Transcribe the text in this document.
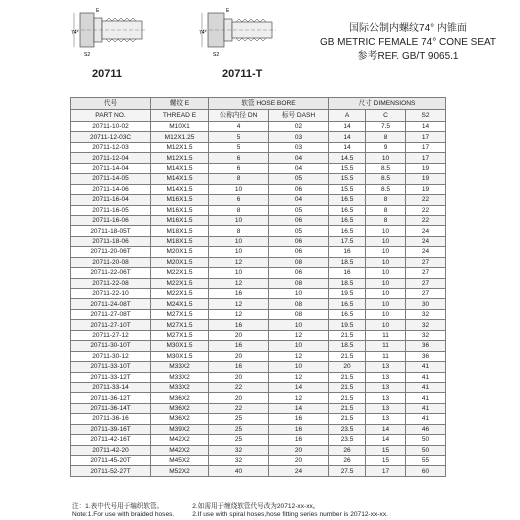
74°
S2
E
20711
74°
S2
E
20711-T
国际公制内螺纹74° 内锥面
GB METRIC FEMALE 74° CONE SEAT
参考REF. GB/T 9065.1
代号	螺纹 E	软管 HOSE BORE		尺寸 DIMENSIONS		
PART NO.	THREAD E	公称内径 DN	标号 DASH	A	C	S2
20711-10-02	M10X1	4	02	14	7.5	14
20711-12-03C	M12X1.25	5	03	14	8	17
20711-12-03	M12X1.5	5	03	14	9	17
20711-12-04	M12X1.5	6	04	14.5	10	17
20711-14-04	M14X1.5	6	04	15.5	8.5	19
20711-14-05	M14X1.5	8	05	15.5	8.5	19
20711-14-06	M14X1.5	10	06	15.5	8.5	19
20711-16-04	M16X1.5	6	04	16.5	8	22
20711-16-05	M16X1.5	8	05	16.5	8	22
20711-16-06	M16X1.5	10	06	16.5	8	22
20711-18-05T	M18X1.5	8	05	16.5	10	24
20711-18-06	M18X1.5	10	06	17.5	10	24
20711-20-06T	M20X1.5	10	06	16	10	24
20711-20-08	M20X1.5	12	08	18.5	10	27
20711-22-06T	M22X1.5	10	06	16	10	27
20711-22-08	M22X1.5	12	08	18.5	10	27
20711-22-10	M22X1.5	16	10	19.5	10	27
20711-24-08T	M24X1.5	12	08	16.5	10	30
20711-27-08T	M27X1.5	12	08	16.5	10	32
20711-27-10T	M27X1.5	16	10	19.5	10	32
20711-27-12	M27X1.5	20	12	21.5	11	32
20711-30-10T	M30X1.5	16	10	18.5	11	36
20711-30-12	M30X1.5	20	12	21.5	11	36
20711-33-10T	M33X2	16	10	20	13	41
20711-33-12T	M33X2	20	12	21.5	13	41
20711-33-14	M33X2	22	14	21.5	13	41
20711-36-12T	M36X2	20	12	21.5	13	41
20711-36-14T	M36X2	22	14	21.5	13	41
20711-36-16	M36X2	25	16	21.5	13	41
20711-39-16T	M39X2	25	16	23.5	14	46
20711-42-16T	M42X2	25	16	23.5	14	50
20711-42-20	M42X2	32	20	26	15	50
20711-45-20T	M45X2	32	20	26	15	55
20711-52-27T	M52X2	40	24	27.5	17	60
注：1.表中代号用于编织软管。
Note:1.For use with braided hoses.
2.如需用于缠绕软管代号改为20712-xx-xx。
2.If use with spiral hoses,hose fitting series number is 20712-xx-xx.
